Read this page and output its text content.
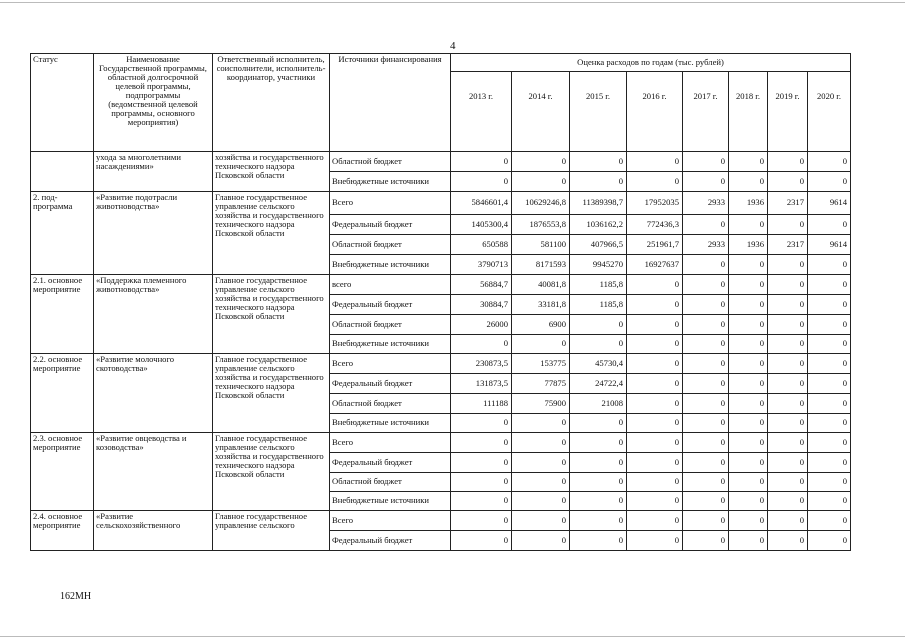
4
Статус	Наименование Государственной программы, областной долгосрочной целевой программы, подпрограммы (ведомственной целевой программы, основного мероприятия)	Ответственный исполнитель, соисполнители, исполнитель-координатор, участники	Источники финансирования	Оценка расходов по годам (тыс. рублей)							
				2013 г.	2014 г.	2015 г.	2016 г.	2017 г.	2018 г.	2019 г.	2020 г.
	ухода за многолетними насаждениями»	хозяйства и государственного технического надзора Псковской области	Областной бюджет	0	0	0	0	0	0	0	0
			Внебюджетные источники	0	0	0	0	0	0	0	0
2. под-программа	«Развитие подотрасли животноводства»	Главное государственное управление сельского хозяйства и государственного технического надзора Псковской области	Всего	5846601,4	10629246,8	11389398,7	17952035	2933	1936	2317	9614
			Федеральный бюджет	1405300,4	1876553,8	1036162,2	772436,3	0	0	0	0
			Областной бюджет	650588	581100	407966,5	251961,7	2933	1936	2317	9614
			Внебюджетные источники	3790713	8171593	9945270	16927637	0	0	0	0
2.1. основное мероприятие	«Поддержка племенного животноводства»	Главное государственное управление сельского хозяйства и государственного технического надзора Псковской области	всего	56884,7	40081,8	1185,8	0	0	0	0	0
			Федеральный бюджет	30884,7	33181,8	1185,8	0	0	0	0	0
			Областной бюджет	26000	6900	0	0	0	0	0	0
			Внебюджетные источники	0	0	0	0	0	0	0	0
2.2. основное мероприятие	«Развитие молочного скотоводства»	Главное государственное управление сельского хозяйства и государственного технического надзора Псковской области	Всего	230873,5	153775	45730,4	0	0	0	0	0
			Федеральный бюджет	131873,5	77875	24722,4	0	0	0	0	0
			Областной бюджет	111188	75900	21008	0	0	0	0	0
			Внебюджетные источники	0	0	0	0	0	0	0	0
2.3. основное мероприятие	«Развитие овцеводства и козоводства»	Главное государственное управление сельского хозяйства и государственного технического надзора Псковской области	Всего	0	0	0	0	0	0	0	0
			Федеральный бюджет	0	0	0	0	0	0	0	0
			Областной бюджет	0	0	0	0	0	0	0	0
			Внебюджетные источники	0	0	0	0	0	0	0	0
2.4. основное мероприятие	«Развитие сельскохозяйственного	Главное государственное управление сельского	Всего	0	0	0	0	0	0	0	0
			Федеральный бюджет	0	0	0	0	0	0	0	0
162МН
